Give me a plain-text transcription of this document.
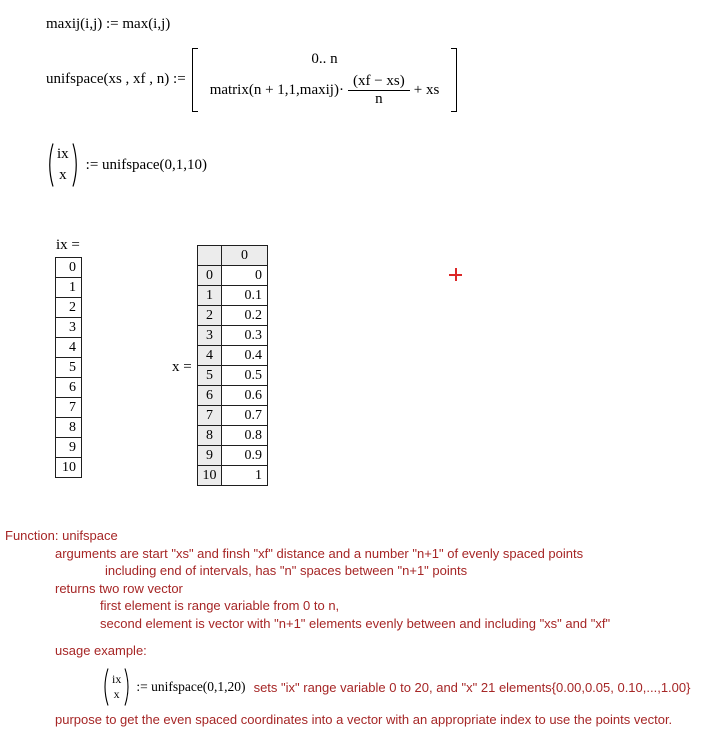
maxij(i,j) := max(i,j)
unifspace(xs , xf , n) :=
0.. n
matrix(n + 1,1,maxij)· $\frac{(xf - xs)}{n}$ + xs
ix
x
:= unifspace(0,1,10)
ix =
0
1
2
3
4
5
6
7
8
9
10
x =
	0
0	0
1	0.1
2	0.2
3	0.3
4	0.4
5	0.5
6	0.6
7	0.7
8	0.8
9	0.9
10	1
Function: unifspace
arguments are start "xs" and finsh "xf" distance and a number "n+1" of evenly spaced points
including end of intervals, has "n" spaces between "n+1" points
returns two row vector
first element is range variable from 0 to n,
second element is vector with "n+1" elements evenly between and including "xs" and "xf"
usage example:
purpose to get the even spaced coordinates into a vector with an appropriate index to use the points vector.
ix
x := unifspace(0,1,20) sets "ix" range variable 0 to 20, and "x" 21 elements{0.00,0.05, 0.10,...,1.00}
